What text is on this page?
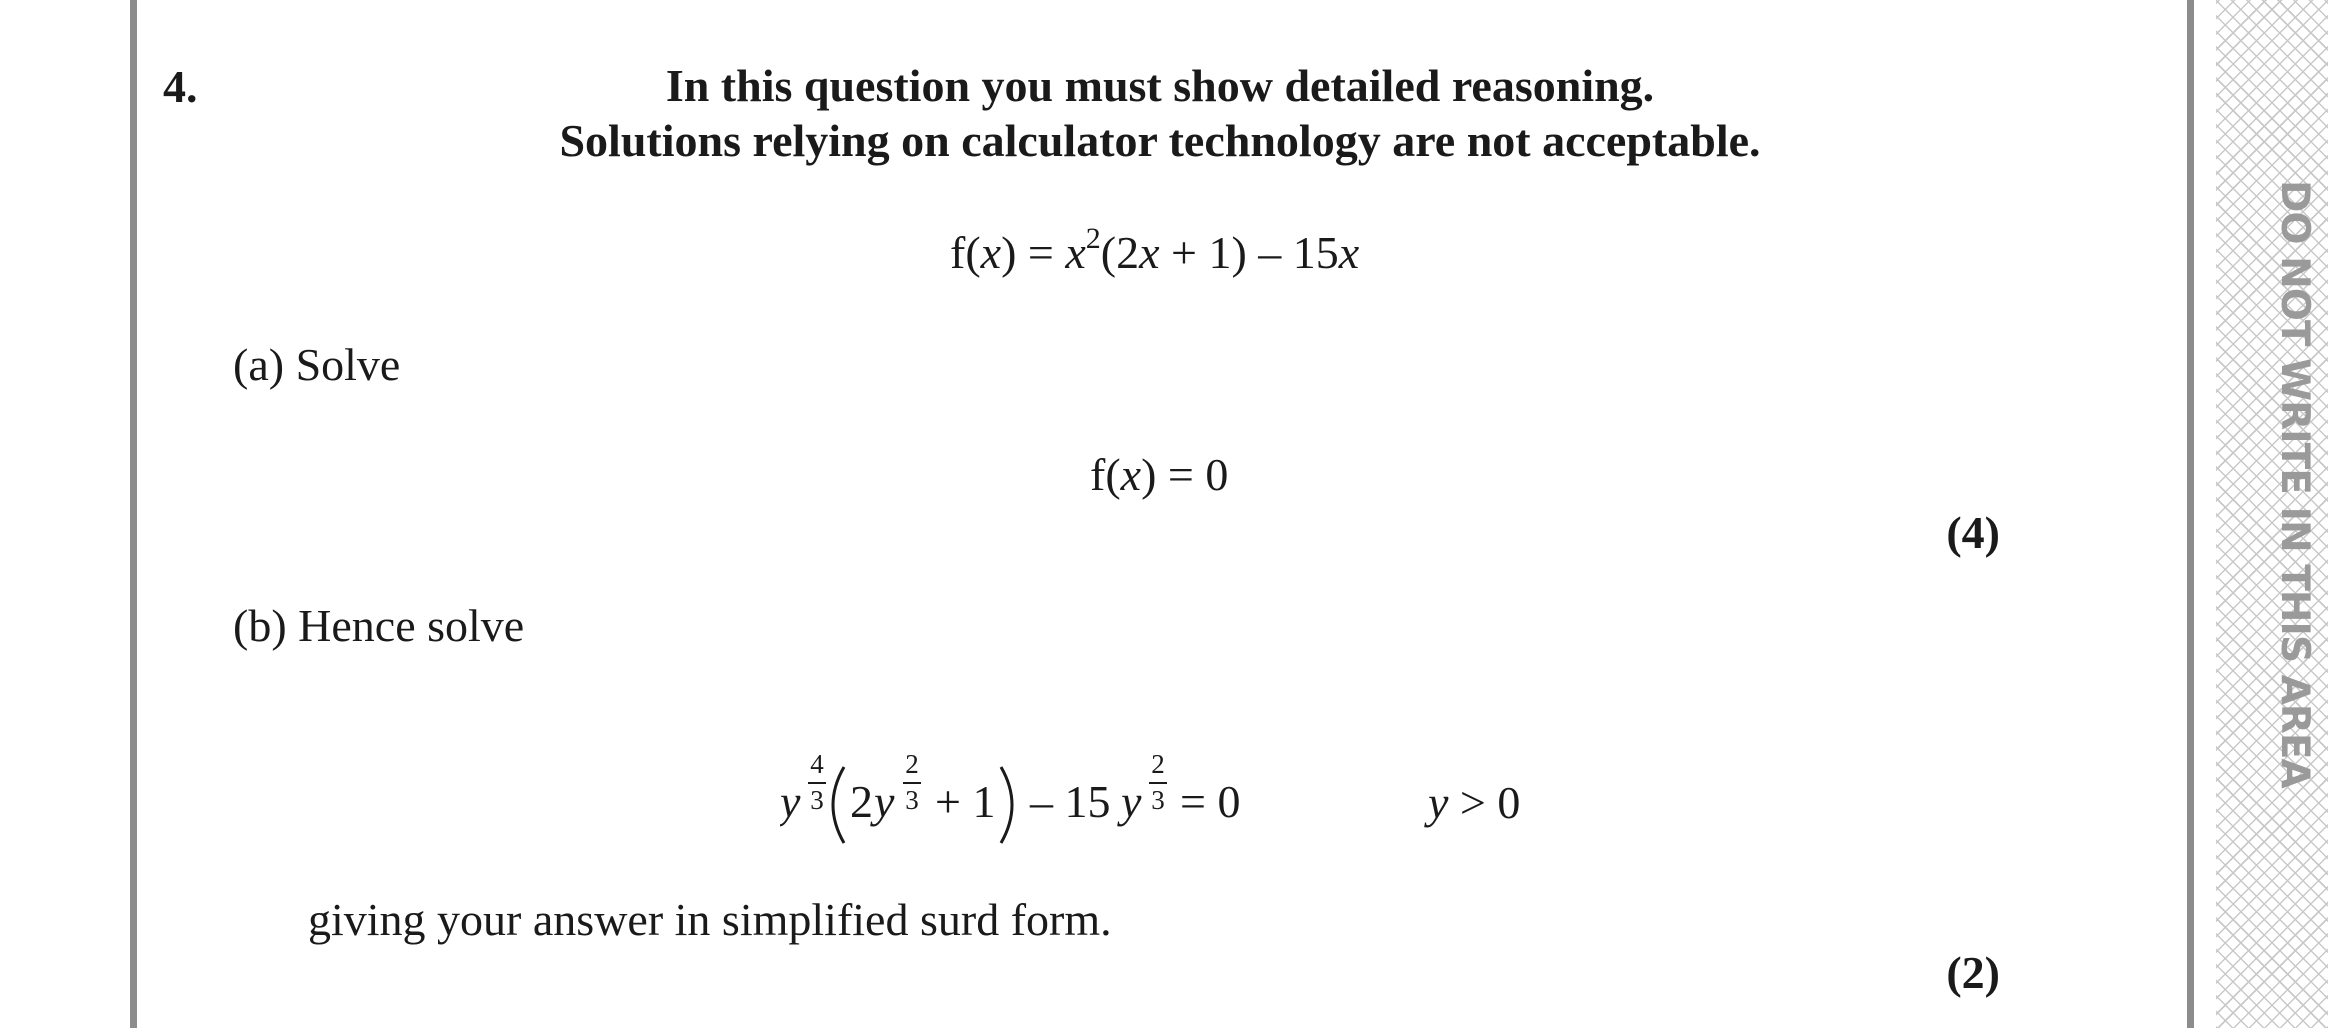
DO NOT WRITE IN THIS AREA
4.	In this question you must show detailed reasoning.
Solutions relying on calculator technology are not acceptable.
$f(x) = x^2(2x + 1) - 15x$
(a) Solve
f(x) = 0
(4)
(b) Hence solve
y
4
3 2 y
2
3 + 1 – 15 y
2
3 = 0	y > 0
giving your answer in simplified surd form.
(2)
